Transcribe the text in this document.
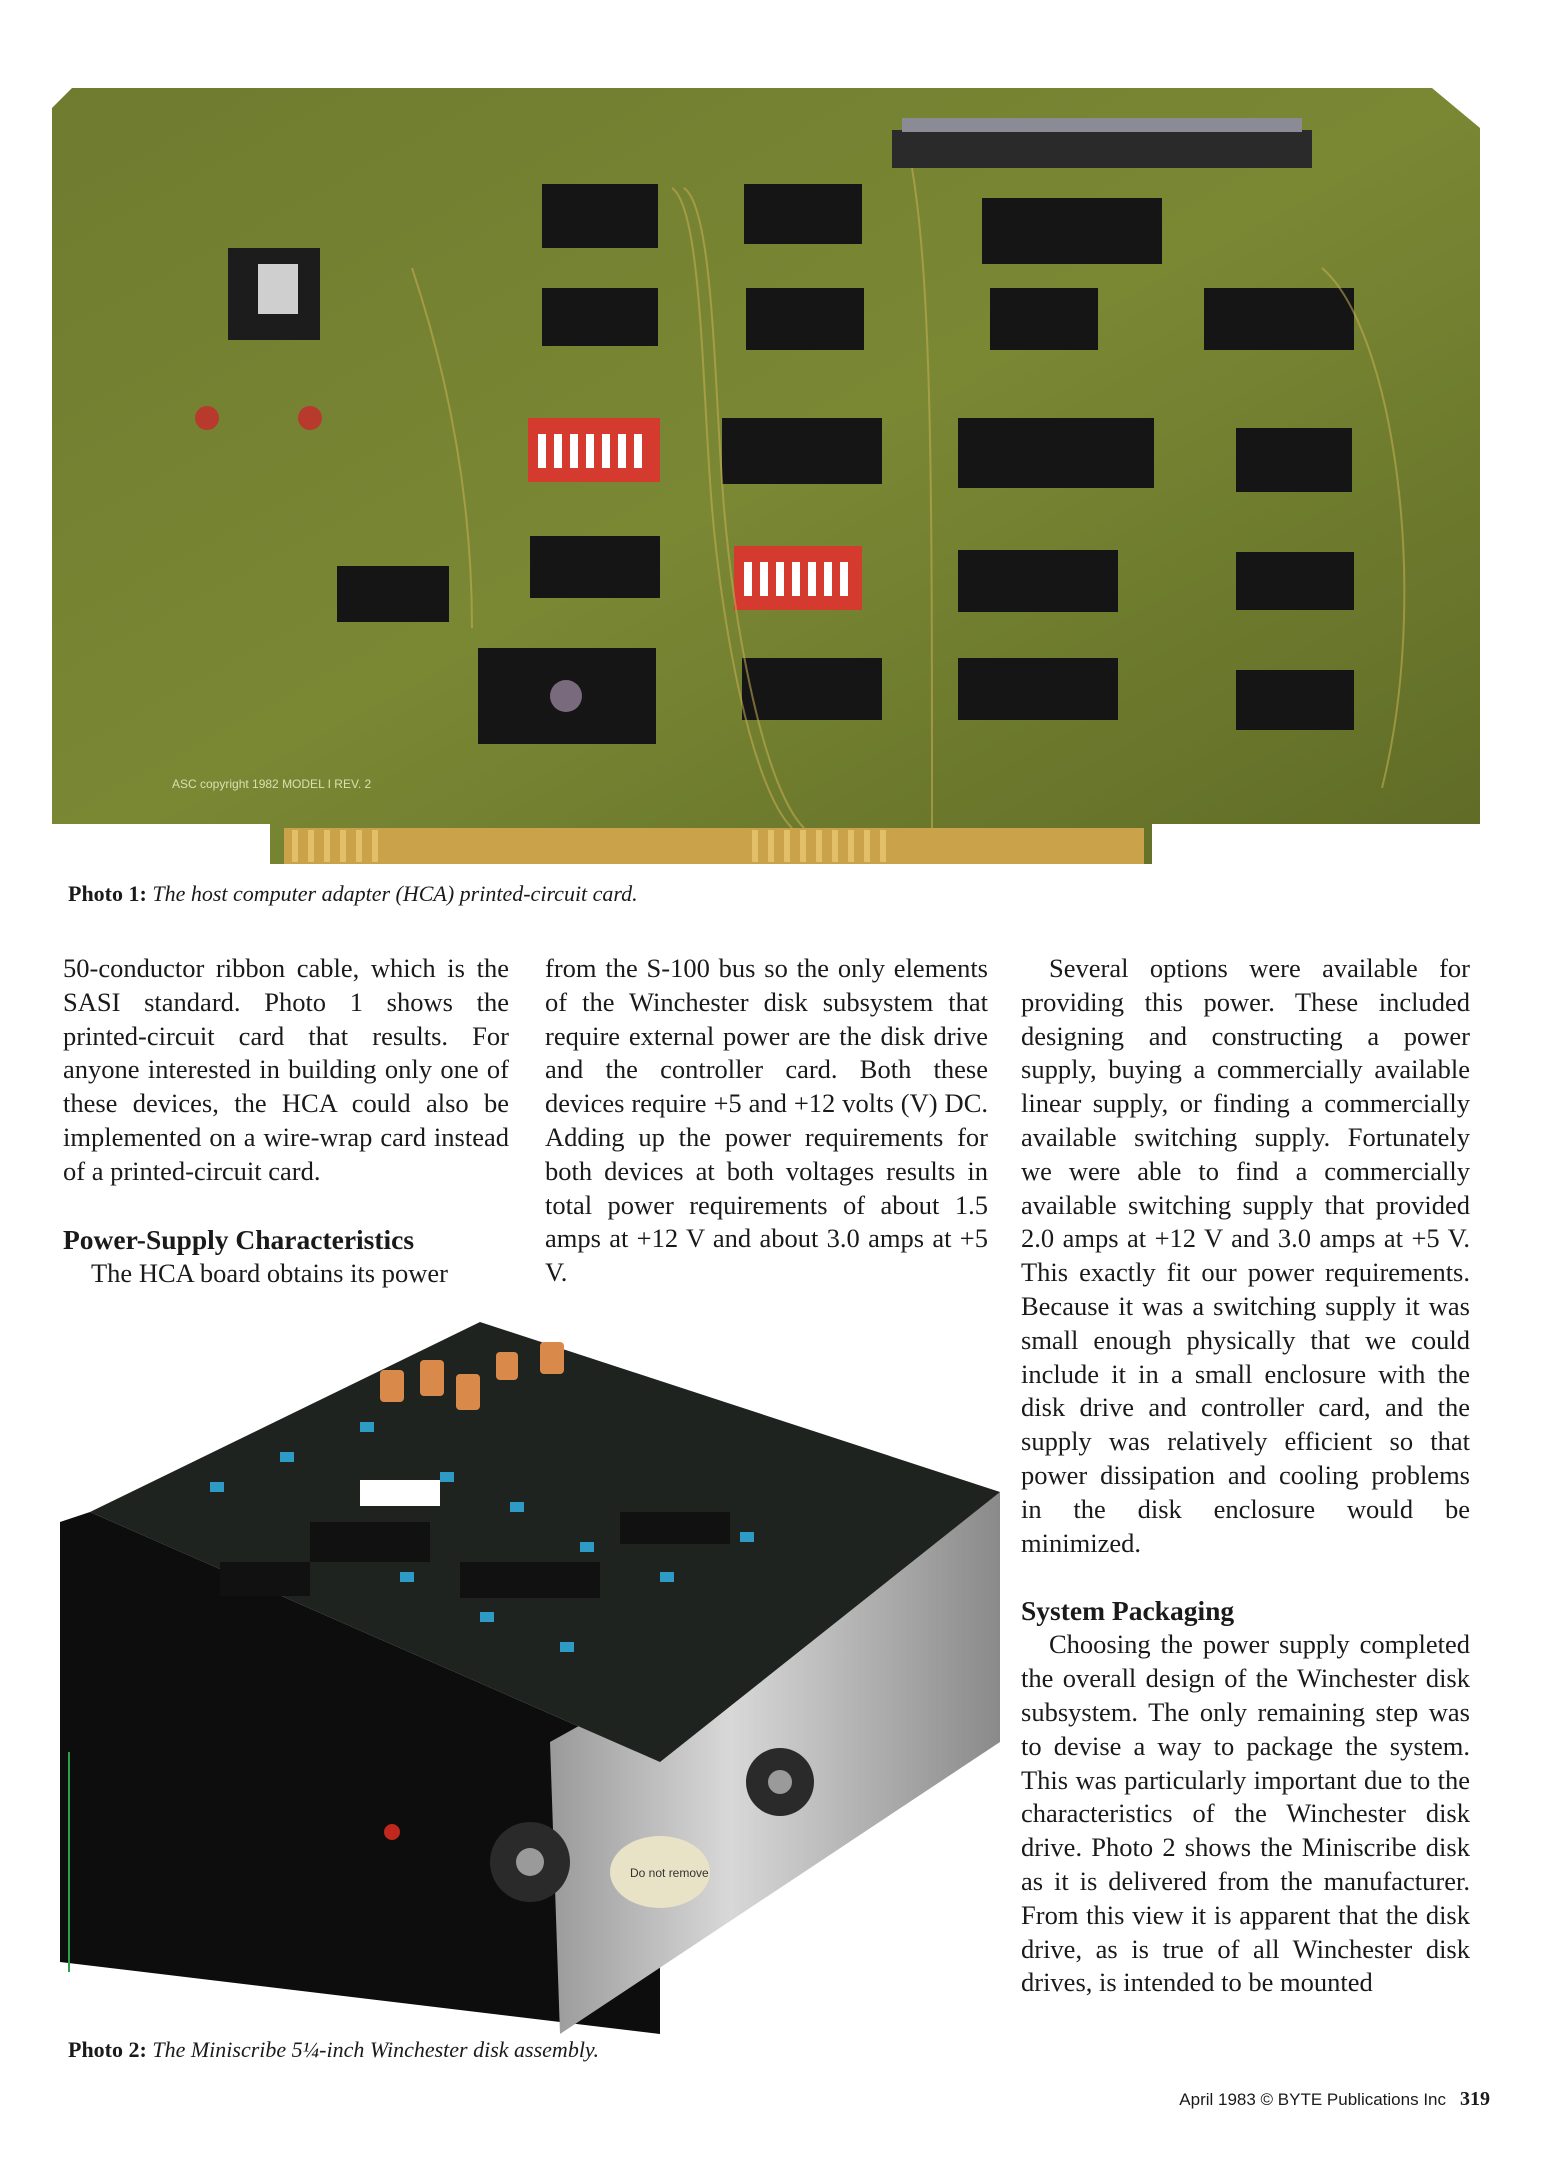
ASC copyright 1982 MODEL I REV. 2
Photo 1: The host computer adapter (HCA) printed-circuit card.

50-conductor ribbon cable, which is the SASI standard. Photo 1 shows the printed-circuit card that results. For anyone interested in building only one of these devices, the HCA could also be implemented on a wire-wrap card instead of a printed-circuit card.

Power-Supply Characteristics

The HCA board obtains its power

from the S-100 bus so the only elements of the Winchester disk subsystem that require external power are the disk drive and the controller card. Both these devices require +5 and +12 volts (V) DC. Adding up the power requirements for both devices at both voltages results in total power requirements of about 1.5 amps at +12 V and about 3.0 amps at +5 V.

Several options were available for providing this power. These included designing and constructing a power supply, buying a commercially available linear supply, or finding a commercially available switching supply. Fortunately we were able to find a commercially available switching supply that provided 2.0 amps at +12 V and 3.0 amps at +5 V. This exactly fit our power requirements. Because it was a switching supply it was small enough physically that we could include it in a small enclosure with the disk drive and controller card, and the supply was relatively efficient so that power dissipation and cooling problems in the disk enclosure would be minimized.

System Packaging

Choosing the power supply completed the overall design of the Winchester disk subsystem. The only remaining step was to devise a way to package the system. This was particularly important due to the characteristics of the Winchester disk drive. Photo 2 shows the Miniscribe disk as it is delivered from the manufacturer. From this view it is apparent that the disk drive, as is true of all Winchester disk drives, is intended to be mounted

Do not remove
Photo 2: The Miniscribe 5¼-inch Winchester disk assembly.
April 1983 © BYTE Publications Inc 319
